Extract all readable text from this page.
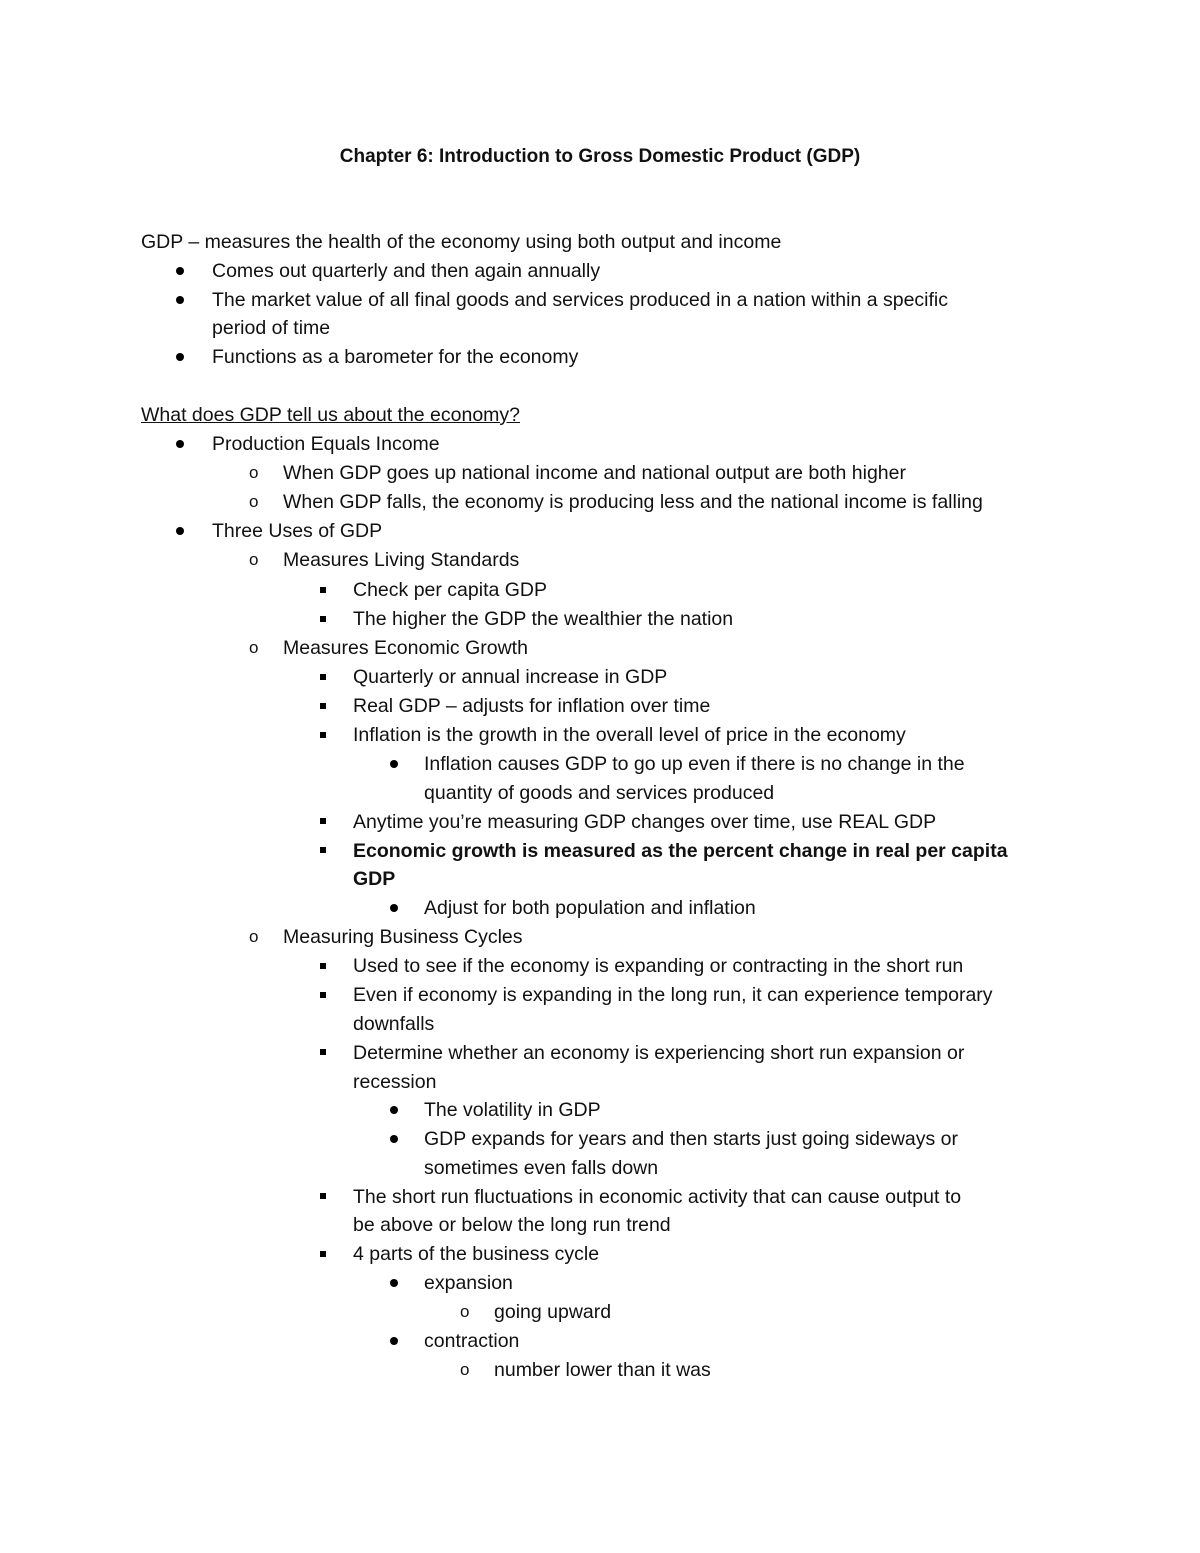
Chapter 6: Introduction to Gross Domestic Product (GDP)
GDP – measures the health of the economy using both output and income
Comes out quarterly and then again annually
The market value of all final goods and services produced in a nation within a specific
period of time
Functions as a barometer for the economy
What does GDP tell us about the economy?
Production Equals Income
o When GDP goes up national income and national output are both higher
o When GDP falls, the economy is producing less and the national income is falling
Three Uses of GDP
o Measures Living Standards
Check per capita GDP
The higher the GDP the wealthier the nation
o Measures Economic Growth
Quarterly or annual increase in GDP
Real GDP – adjusts for inflation over time
Inflation is the growth in the overall level of price in the economy
Inflation causes GDP to go up even if there is no change in the
quantity of goods and services produced
Anytime you’re measuring GDP changes over time, use REAL GDP
Economic growth is measured as the percent change in real per capita
GDP
Adjust for both population and inflation
o Measuring Business Cycles
Used to see if the economy is expanding or contracting in the short run
Even if economy is expanding in the long run, it can experience temporary
downfalls
Determine whether an economy is experiencing short run expansion or
recession
The volatility in GDP
GDP expands for years and then starts just going sideways or
sometimes even falls down
The short run fluctuations in economic activity that can cause output to
be above or below the long run trend
4 parts of the business cycle
expansion
o going upward
contraction
o number lower than it was
